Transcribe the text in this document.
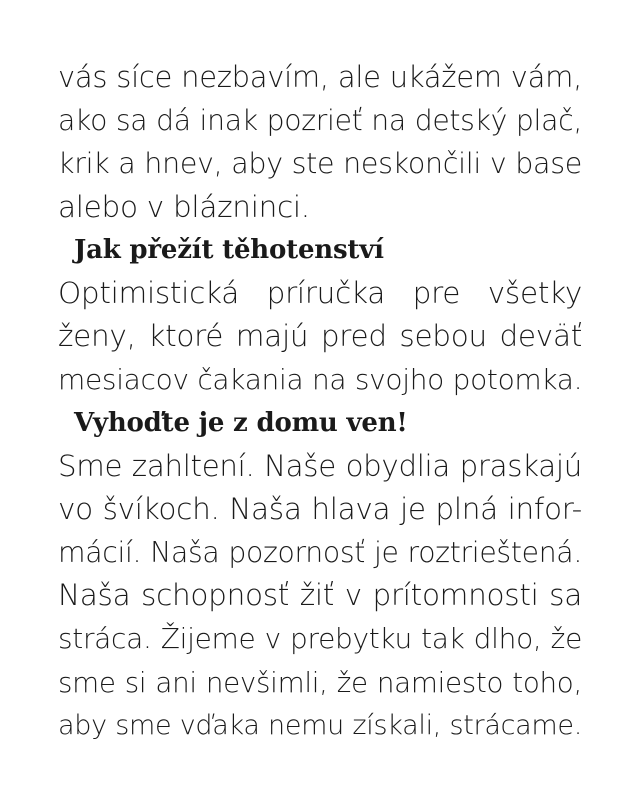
vás síce nezbavím, ale ukážem vám,
ako sa dá inak pozrieť na detský plač,
krik a hnev, aby ste neskončili v base
alebo v blázninci.
Jak přežít těhotenství
Optimistická príručka pre všetky
ženy, ktoré majú pred sebou deväť
mesiacov čakania na svojho potomka.
Vyhoďte je z domu ven!
Sme zahltení. Naše obydlia praskajú
vo švíkoch. Naša hlava je plná infor-
mácií. Naša pozornosť je roztrieštená.
Naša schopnosť žiť v prítomnosti sa
stráca. Žijeme v prebytku tak dlho, že
sme si ani nevšimli, že namiesto toho,
aby sme vďaka nemu získali, strácame.
